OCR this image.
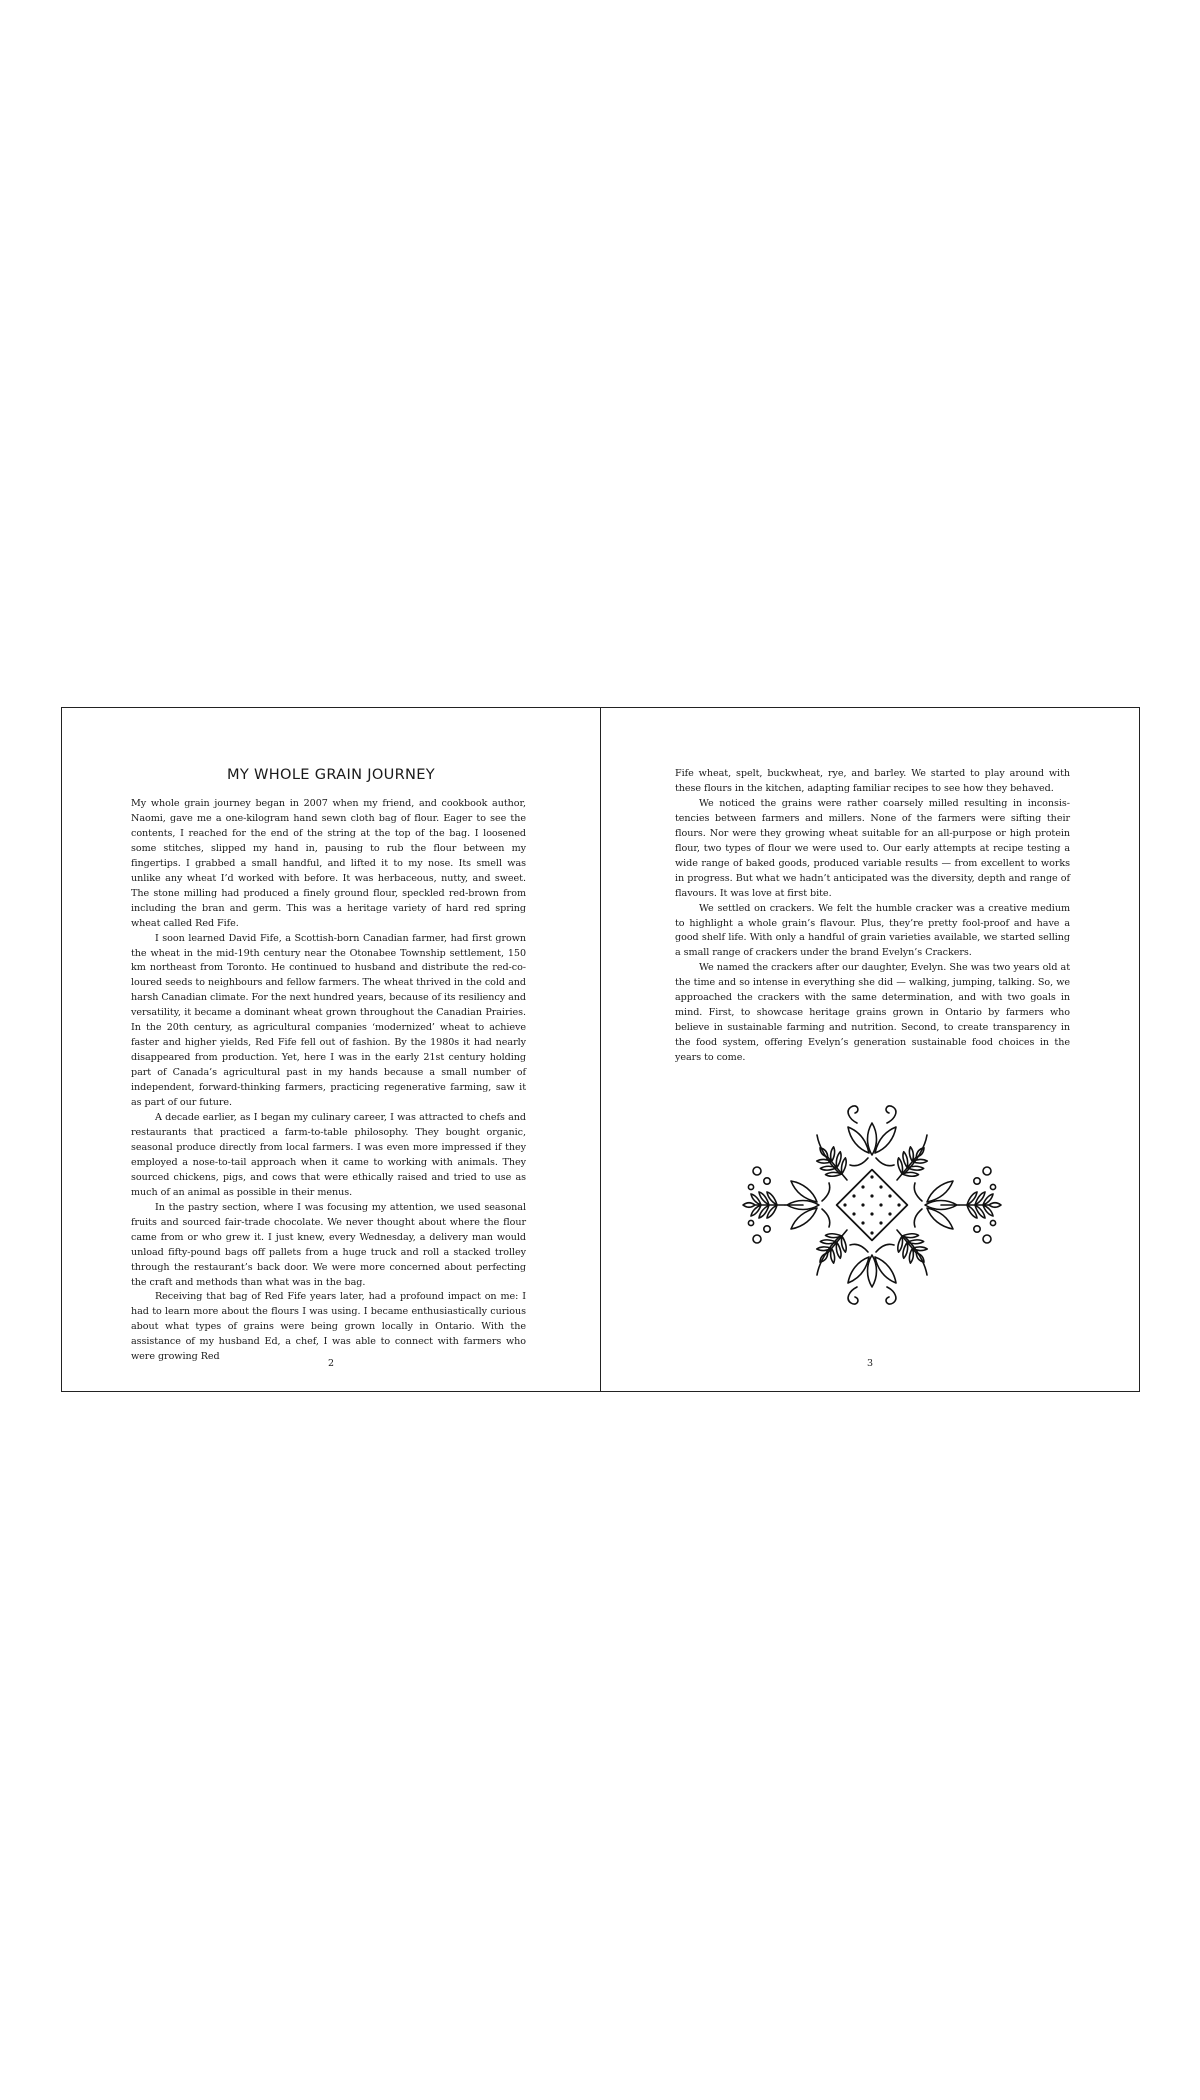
MY WHOLE GRAIN JOURNEY

My whole grain journey began in 2007 when my friend, and cookbook author, Naomi, gave me a one-kilogram hand sewn cloth bag of flour. Eager to see the contents, I reached for the end of the string at the top of the bag. I loosened some stitches, slipped my hand in, pausing to rub the flour between my fingertips. I grabbed a small handful, and lifted it to my nose. Its smell was unlike any wheat I’d worked with before. It was herbaceous, nutty, and sweet. The stone milling had produced a finely ground flour, speckled red-brown from including the bran and germ. This was a heritage variety of hard red spring wheat called Red Fife.

I soon learned David Fife, a Scottish-born Canadian farmer, had first grown the wheat in the mid-19th century near the Otonabee Township settlement, 150 km northeast from Toronto. He continued to husband and distribute the red-co-loured seeds to neighbours and fellow farmers. The wheat thrived in the cold and harsh Canadian climate. For the next hundred years, because of its resiliency and versatility, it became a dominant wheat grown throughout the Canadian Prairies. In the 20th century, as agricultural companies ‘modernized’ wheat to achieve faster and higher yields, Red Fife fell out of fashion. By the 1980s it had nearly disappeared from production. Yet, here I was in the early 21st century holding part of Canada’s agricultural past in my hands because a small number of independent, forward-thinking farmers, practicing regenerative farming, saw it as part of our future.

A decade earlier, as I began my culinary career, I was attracted to chefs and restaurants that practiced a farm-to-table philosophy. They bought organic, seasonal produce directly from local farmers. I was even more impressed if they employed a nose-to-tail approach when it came to working with animals. They sourced chickens, pigs, and cows that were ethically raised and tried to use as much of an animal as possible in their menus.

In the pastry section, where I was focusing my attention, we used seasonal fruits and sourced fair-trade chocolate. We never thought about where the flour came from or who grew it. I just knew, every Wednesday, a delivery man would unload fifty-pound bags off pallets from a huge truck and roll a stacked trolley through the restaurant’s back door. We were more concerned about perfecting the craft and methods than what was in the bag.

Receiving that bag of Red Fife years later, had a profound impact on me: I had to learn more about the flours I was using. I became enthusiastically curious about what types of grains were being grown locally in Ontario. With the assistance of my husband Ed, a chef, I was able to connect with farmers who were growing Red

2

Fife wheat, spelt, buckwheat, rye, and barley. We started to play around with these flours in the kitchen, adapting familiar recipes to see how they behaved.

We noticed the grains were rather coarsely milled resulting in inconsis-tencies between farmers and millers. None of the farmers were sifting their flours. Nor were they growing wheat suitable for an all-purpose or high protein flour, two types of flour we were used to. Our early attempts at recipe testing a wide range of baked goods, produced variable results — from excellent to works in progress. But what we hadn’t anticipated was the diversity, depth and range of flavours. It was love at first bite.

We settled on crackers. We felt the humble cracker was a creative medium to highlight a whole grain’s flavour. Plus, they’re pretty fool-proof and have a good shelf life. With only a handful of grain varieties available, we started selling a small range of crackers under the brand Evelyn’s Crackers.

We named the crackers after our daughter, Evelyn. She was two years old at the time and so intense in everything she did — walking, jumping, talking. So, we approached the crackers with the same determination, and with two goals in mind. First, to showcase heritage grains grown in Ontario by farmers who believe in sustainable farming and nutrition. Second, to create transparency in the food system, offering Evelyn’s generation sustainable food choices in the years to come.

3
